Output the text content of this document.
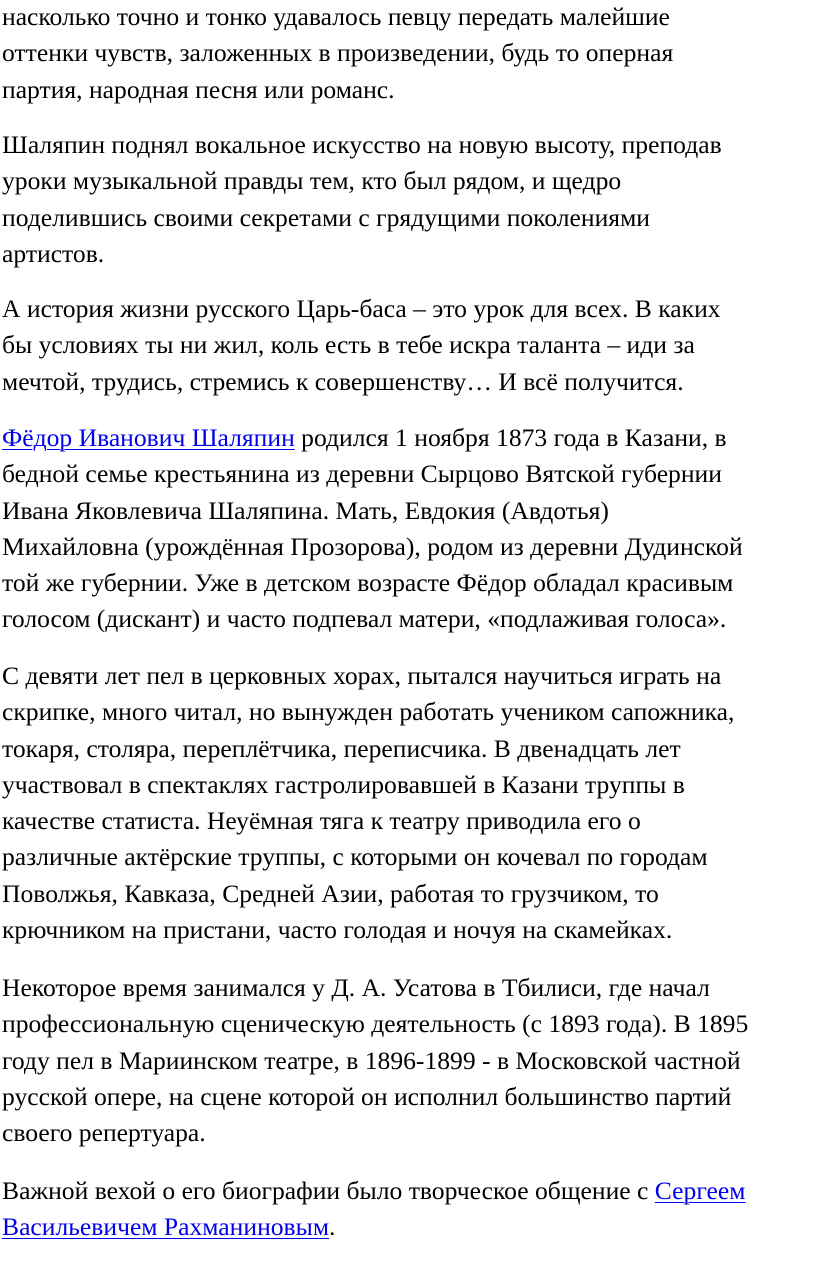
насколько точно и тонко удавалось певцу передать малейшие
оттенки чувств, заложенных в произведении, будь то оперная
партия, народная песня или романс.

Шаляпин поднял вокальное искусство на новую высоту, преподав
уроки музыкальной правды тем, кто был рядом, и щедро
поделившись своими секретами с грядущими поколениями
артистов.

А история жизни русского Царь-баса – это урок для всех. В каких
бы условиях ты ни жил, коль есть в тебе искра таланта – иди за
мечтой, трудись, стремись к совершенству… И всё получится.

Фёдор Иванович Шаляпин родился 1 ноября 1873 года в Казани, в
бедной семье крестьянина из деревни Сырцово Вятской губернии
Ивана Яковлевича Шаляпина. Мать, Евдокия (Авдотья)
Михайловна (урождённая Прозорова), родом из деревни Дудинской
той же губернии. Уже в детском возрасте Фёдор обладал красивым
голосом (дискант) и часто подпевал матери, «подлаживая голоса».

С девяти лет пел в церковных хорах, пытался научиться играть на
скрипке, много читал, но вынужден работать учеником сапожника,
токаря, столяра, переплётчика, переписчика. В двенадцать лет
участвовал в спектаклях гастролировавшей в Казани труппы в
качестве статиста. Неуёмная тяга к театру приводила его о
различные актёрские труппы, с которыми он кочевал по городам
Поволжья, Кавказа, Средней Азии, работая то грузчиком, то
крючником на пристани, часто голодая и ночуя на скамейках.

Некоторое время занимался у Д. А. Усатова в Тбилиси, где начал
профессиональную сценическую деятельность (с 1893 года). В 1895
году пел в Мариинском театре, в 1896-1899 - в Московской частной
русской опере, на сцене которой он исполнил большинство партий
своего репертуара.

Важной вехой о его биографии было творческое общение с Сергеем
Васильевичем Рахманиновым.
